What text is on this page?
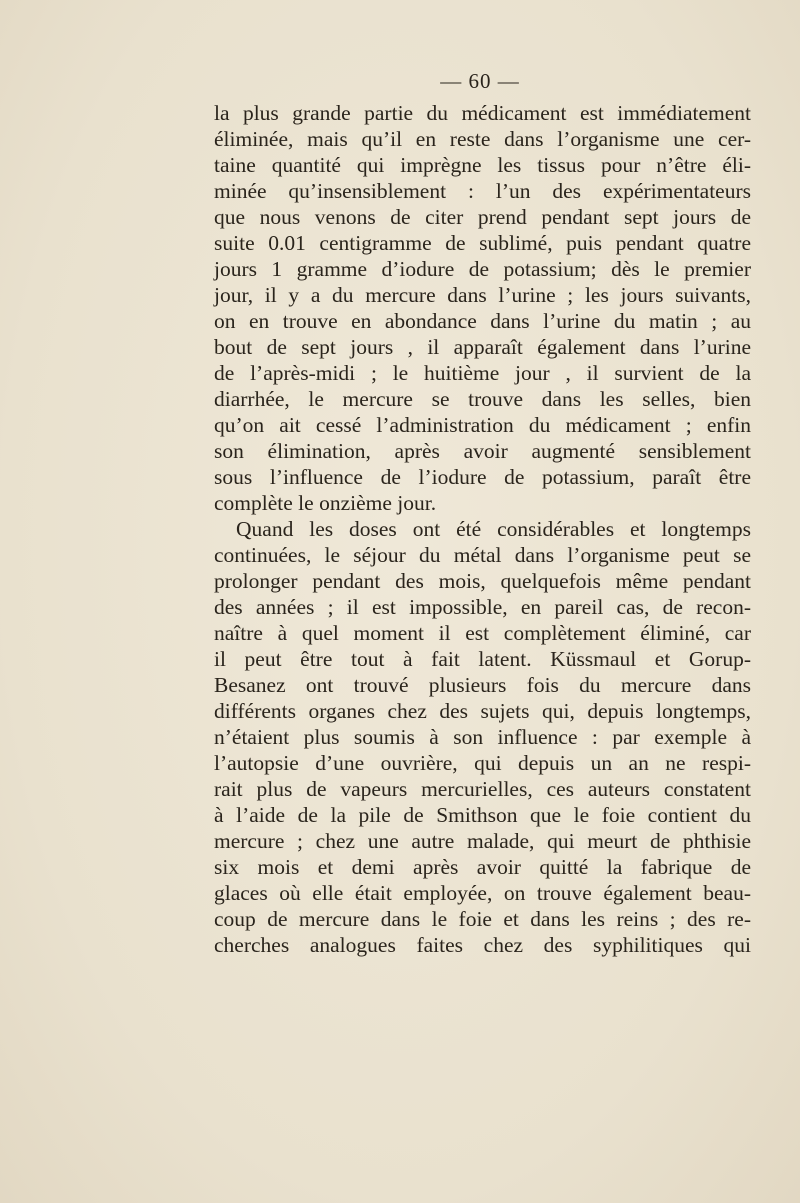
— 60 —
la plus grande partie du médicament est immédiatement
éliminée, mais qu’il en reste dans l’organisme une cer-
taine quantité qui imprègne les tissus pour n’être éli-
minée qu’insensiblement : l’un des expérimentateurs
que nous venons de citer prend pendant sept jours de
suite 0.01 centigramme de sublimé, puis pendant quatre
jours 1 gramme d’iodure de potassium; dès le premier
jour, il y a du mercure dans l’urine ; les jours suivants,
on en trouve en abondance dans l’urine du matin ; au
bout de sept jours , il apparaît également dans l’urine
de l’après-midi ; le huitième jour , il survient de la
diarrhée, le mercure se trouve dans les selles, bien
qu’on ait cessé l’administration du médicament ; enfin
son élimination, après avoir augmenté sensiblement
sous l’influence de l’iodure de potassium, paraît être
complète le onzième jour.
Quand les doses ont été considérables et longtemps
continuées, le séjour du métal dans l’organisme peut se
prolonger pendant des mois, quelquefois même pendant
des années ; il est impossible, en pareil cas, de recon-
naître à quel moment il est complètement éliminé, car
il peut être tout à fait latent. Küssmaul et Gorup-
Besanez ont trouvé plusieurs fois du mercure dans
différents organes chez des sujets qui, depuis longtemps,
n’étaient plus soumis à son influence : par exemple à
l’autopsie d’une ouvrière, qui depuis un an ne respi-
rait plus de vapeurs mercurielles, ces auteurs constatent
à l’aide de la pile de Smithson que le foie contient du
mercure ; chez une autre malade, qui meurt de phthisie
six mois et demi après avoir quitté la fabrique de
glaces où elle était employée, on trouve également beau-
coup de mercure dans le foie et dans les reins ; des re-
cherches analogues faites chez des syphilitiques qui
